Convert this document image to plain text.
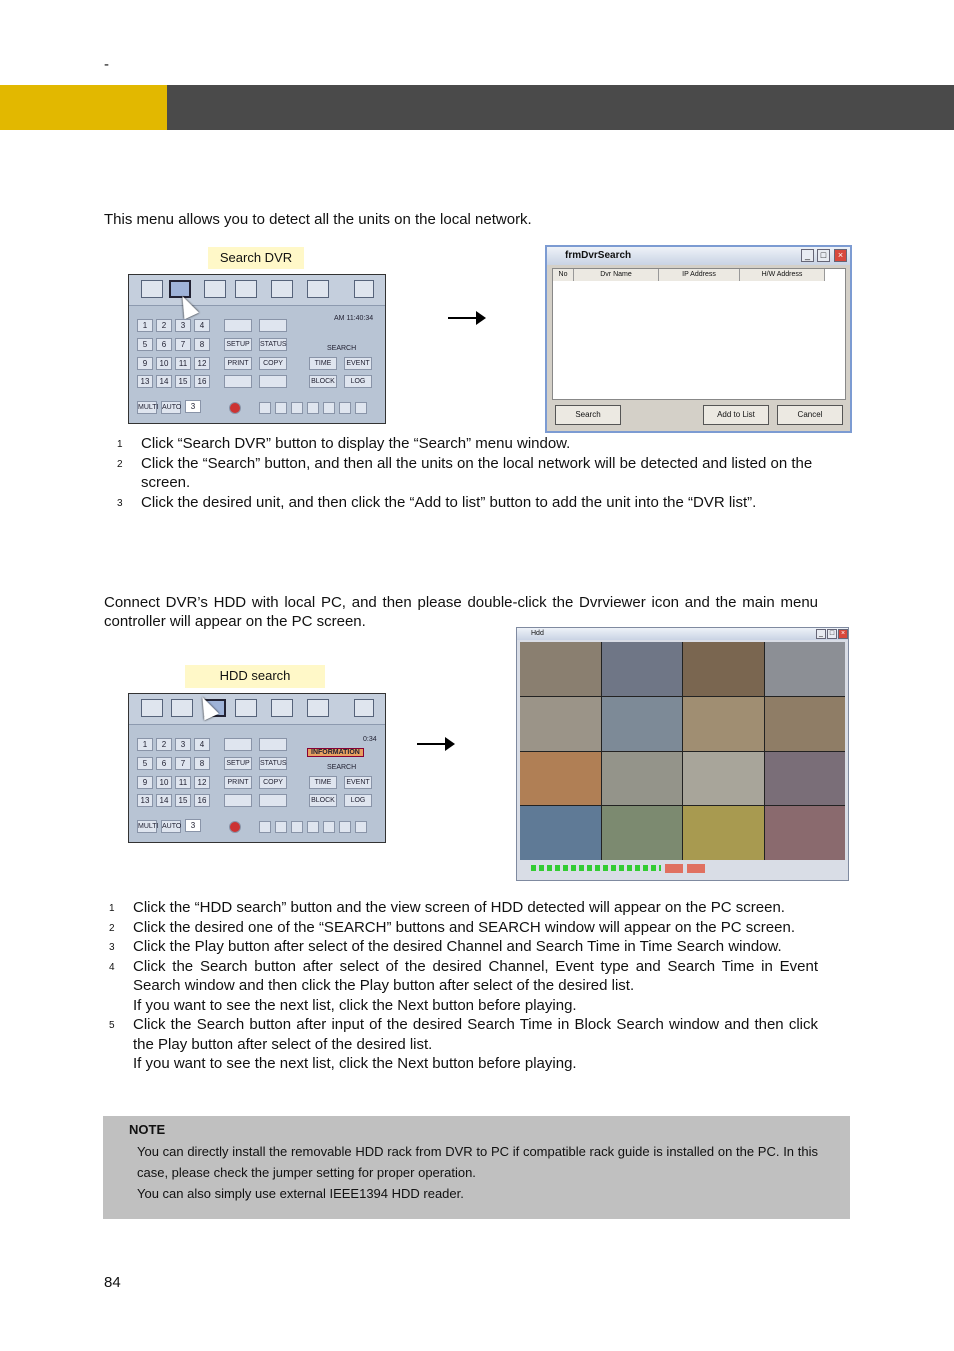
-
This menu allows you to detect all the units on the local network.
Search DVR
AM 11:40:34
SEARCH
1	2	3	4
5	6	7	8
9	10	11	12
13	14	15	16
SETUP	STATUS
PRINT	COPY	TIME	EVENT
BLOCK	LOG
MULTI AUTO	3
frmDvrSearch	_	□	×
No	Dvr Name	IP Address	H/W Address
Search	Add to List	Cancel
1 Click “Search DVR” button to display the “Search” menu window.
2 Click the “Search” button, and then all the units on the local network will be detected and listed on the screen.
3 Click the desired unit, and then click the “Add to list” button to add the unit into the “DVR list”.
Connect DVR’s HDD with local PC, and then please double-click the Dvrviewer icon and the main menu controller will appear on the PC screen.
HDD search
0:34
INFORMATION
SEARCH
1	2	3	4
5	6	7	8
9	10	11	12
13	14	15	16
SETUP	STATUS
PRINT	COPY	TIME	EVENT
BLOCK	LOG
MULTI AUTO	3
Hdd	_ □ ×
1 Click the “HDD search” button and the view screen of HDD detected will appear on the PC screen.
2 Click the desired one of the “SEARCH” buttons and SEARCH window will appear on the PC screen.
3 Click the Play button after select of the desired Channel and Search Time in Time Search window.
4 Click the Search button after select of the desired Channel, Event type and Search Time in Event Search window and then click the Play button after select of the desired list.
If you want to see the next list, click the Next button before playing.
5 Click the Search button after input of the desired Search Time in Block Search window and then click the Play button after select of the desired list.
If you want to see the next list, click the Next button before playing.
NOTE
You can directly install the removable HDD rack from DVR to PC if compatible rack guide is installed on the PC. In this case, please check the jumper setting for proper operation.
You can also simply use external IEEE1394 HDD reader.
84
